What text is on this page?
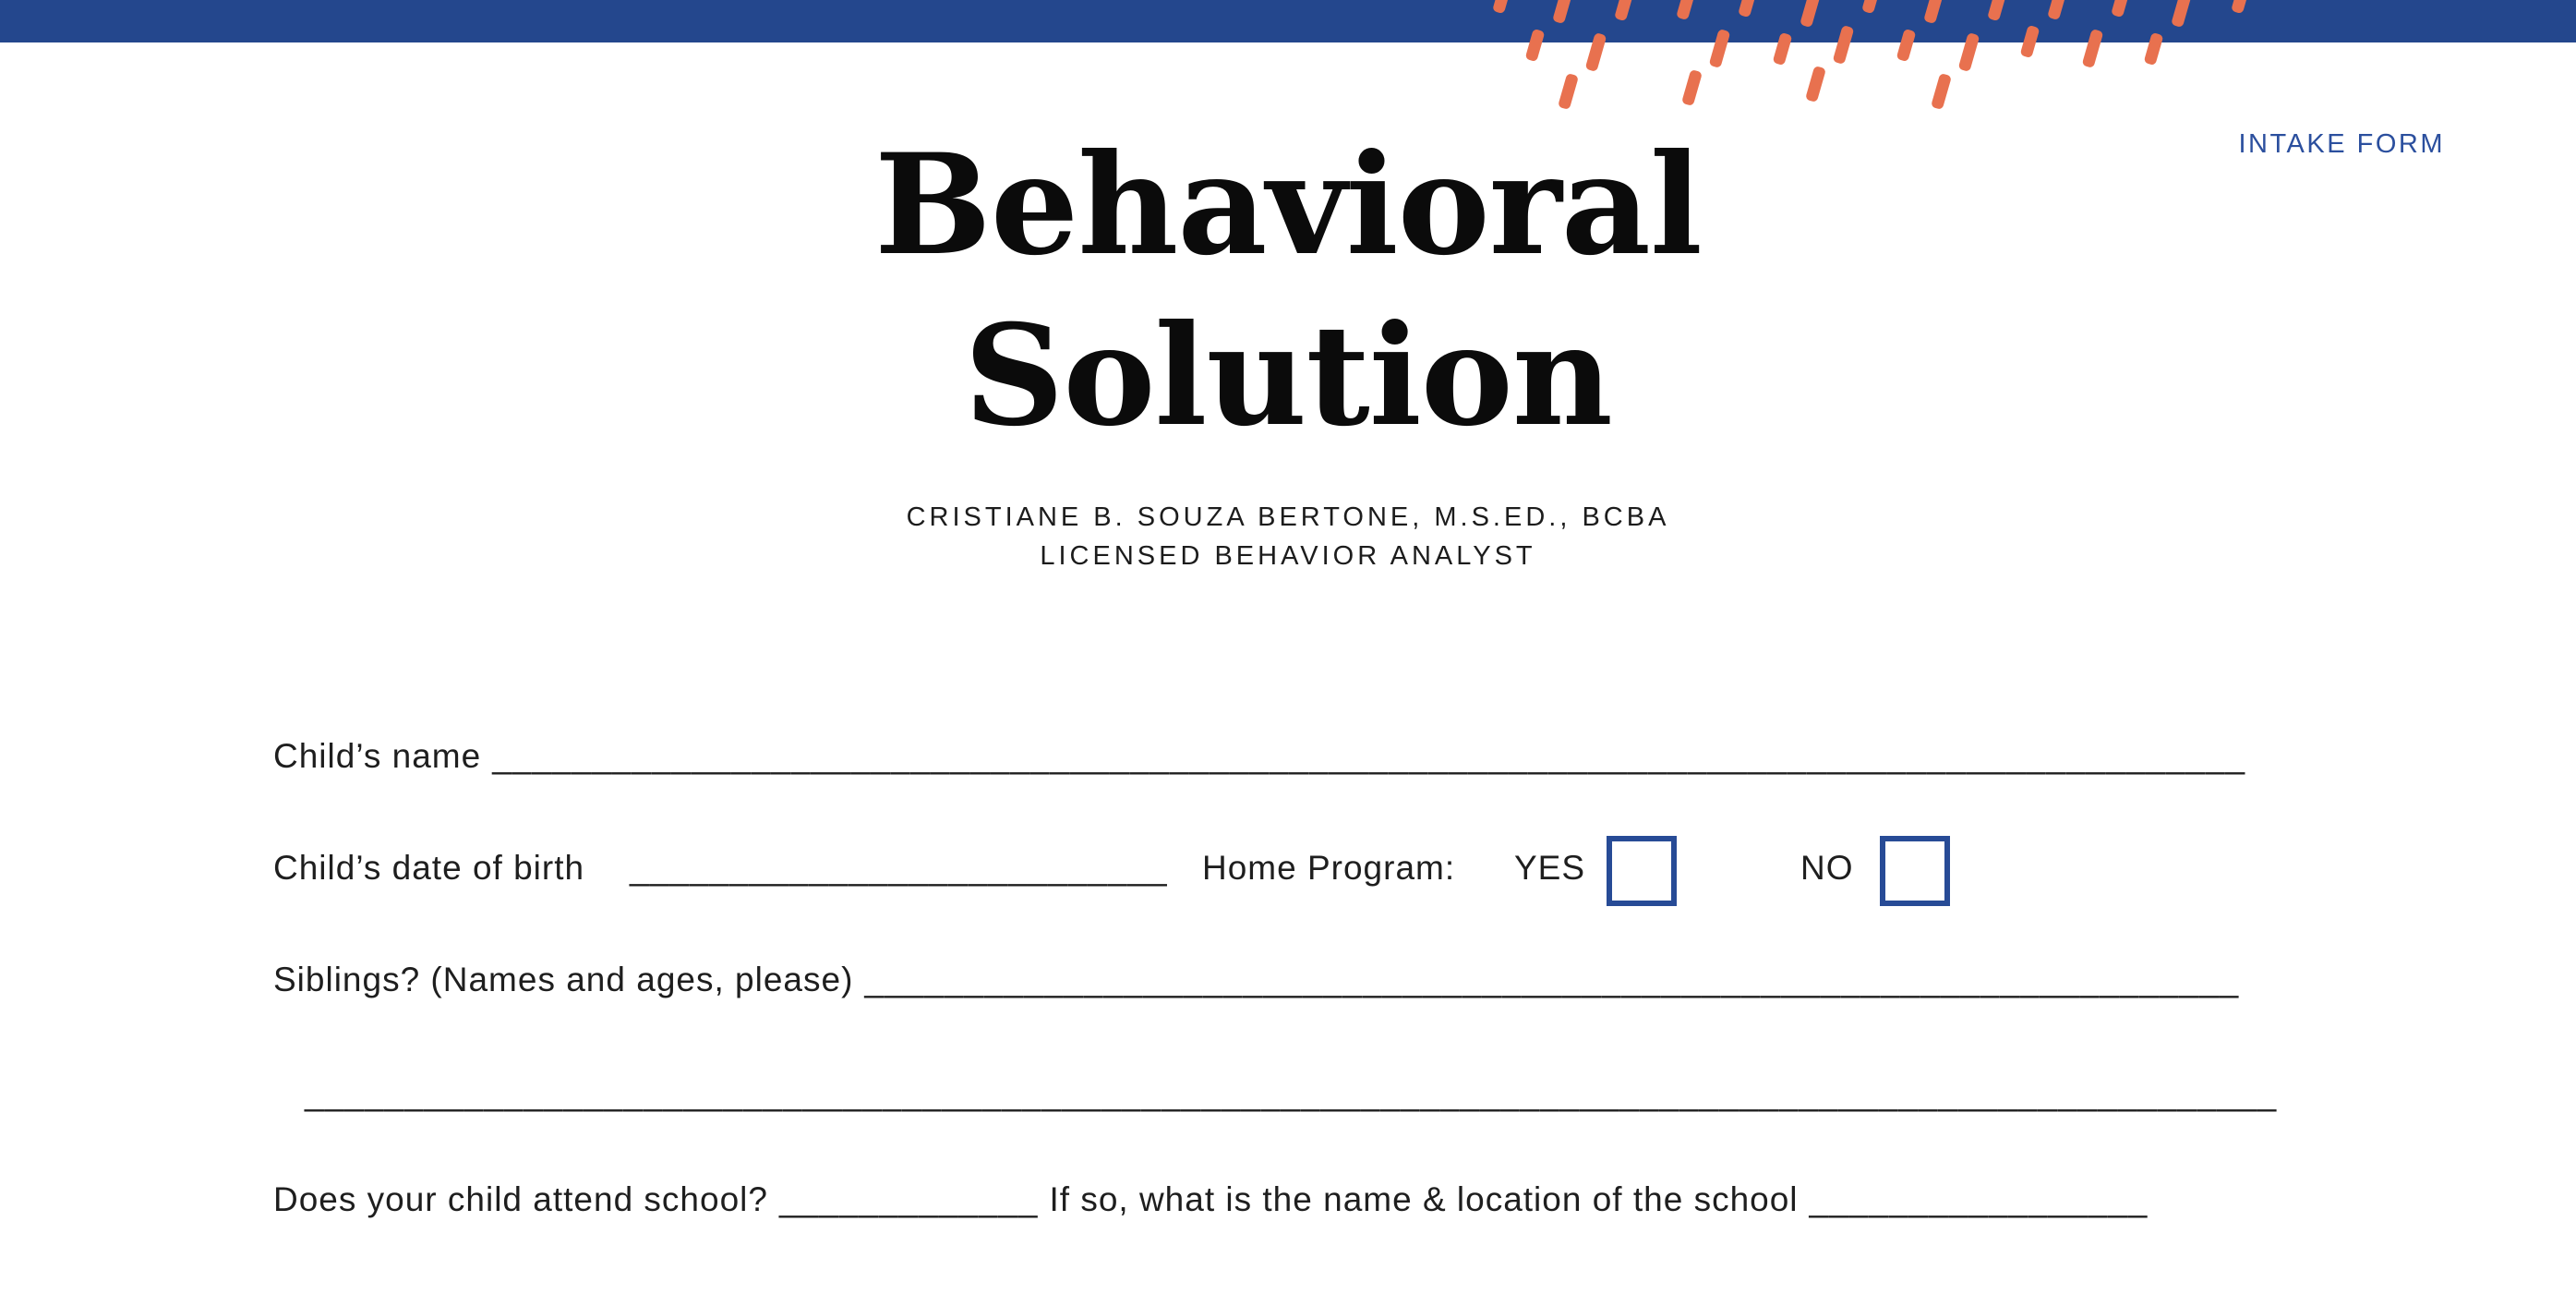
INTAKE FORM
Behavioral
Solution
CRISTIANE B. SOUZA BERTONE, M.S.ED., BCBA
LICENSED BEHAVIOR ANALYST
Child’s name ________________________________________________________________________________________
Child’s date of birth ___________________________ Home Program: YES	NO
Siblings? (Names and ages, please) _____________________________________________________________________
___________________________________________________________________________________________________
Does your child attend school? _____________ If so, what is the name & location of the school _________________
